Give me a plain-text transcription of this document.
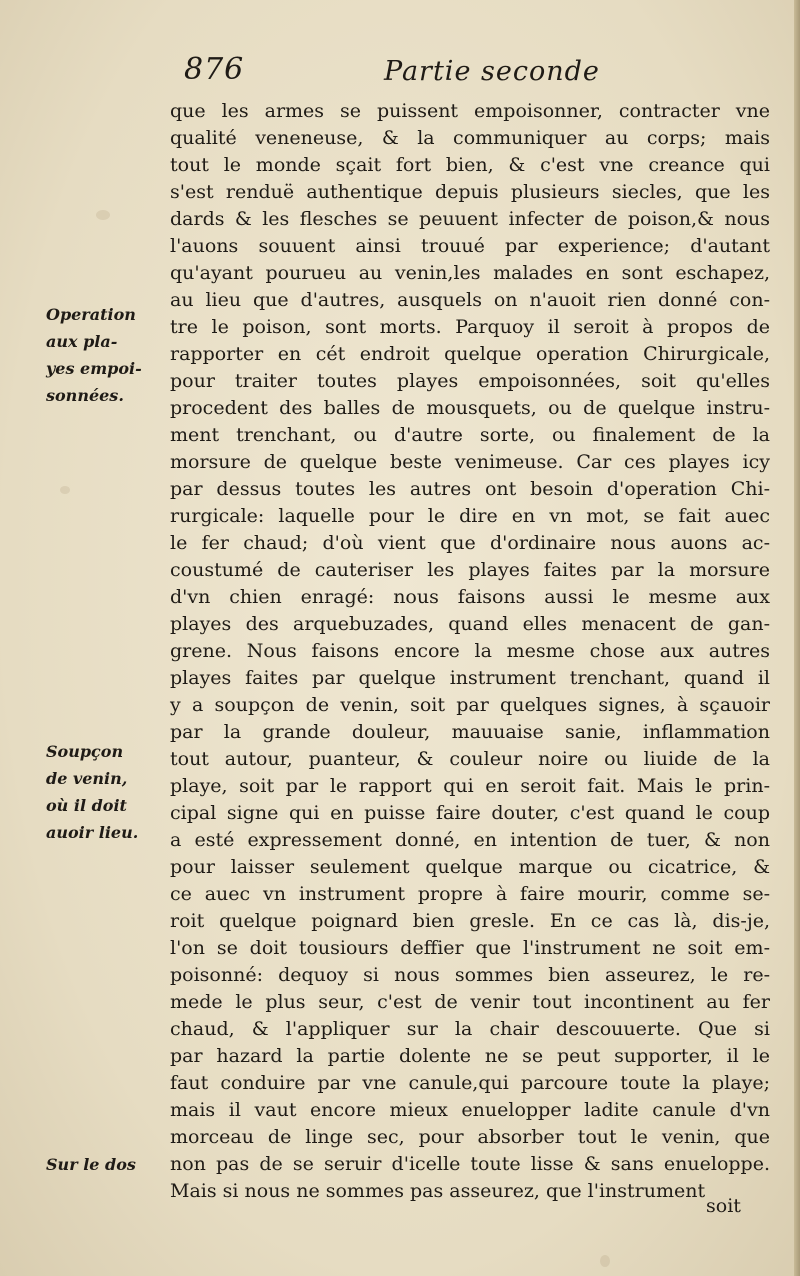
876	Partie seconde
que les armes se puissent empoisonner, contracter vne
qualité veneneuse, & la communiquer au corps; mais
tout le monde sçait fort bien, & c'est vne creance qui
s'est renduë authentique depuis plusieurs siecles, que les
dards & les flesches se peuuent infecter de poison,& nous
l'auons souuent ainsi trouué par experience; d'autant
qu'ayant pourueu au venin,les malades en sont eschapez,
au lieu que d'autres, ausquels on n'auoit rien donné con-
tre le poison, sont morts. Parquoy il seroit à propos de
rapporter en cét endroit quelque operation Chirurgicale,
pour traiter toutes playes empoisonnées, soit qu'elles
procedent des balles de mousquets, ou de quelque instru-
ment trenchant, ou d'autre sorte, ou finalement de la
morsure de quelque beste venimeuse. Car ces playes icy
par dessus toutes les autres ont besoin d'operation Chi-
rurgicale: laquelle pour le dire en vn mot, se fait auec
le fer chaud; d'où vient que d'ordinaire nous auons ac-
coustumé de cauteriser les playes faites par la morsure
d'vn chien enragé: nous faisons aussi le mesme aux
playes des arquebuzades, quand elles menacent de gan-
grene. Nous faisons encore la mesme chose aux autres
playes faites par quelque instrument trenchant, quand il
y a soupçon de venin, soit par quelques signes, à sçauoir
par la grande douleur, mauuaise sanie, inflammation
tout autour, puanteur, & couleur noire ou liuide de la
playe, soit par le rapport qui en seroit fait. Mais le prin-
cipal signe qui en puisse faire douter, c'est quand le coup
a esté expressement donné, en intention de tuer, & non
pour laisser seulement quelque marque ou cicatrice, &
ce auec vn instrument propre à faire mourir, comme se-
roit quelque poignard bien gresle. En ce cas là, dis-je,
l'on se doit tousiours deffier que l'instrument ne soit em-
poisonné: dequoy si nous sommes bien asseurez, le re-
mede le plus seur, c'est de venir tout incontinent au fer
chaud, & l'appliquer sur la chair descouuerte. Que si
par hazard la partie dolente ne se peut supporter, il le
faut conduire par vne canule,qui parcoure toute la playe;
mais il vaut encore mieux enuelopper ladite canule d'vn
morceau de linge sec, pour absorber tout le venin, que
non pas de se seruir d'icelle toute lisse & sans enueloppe.
Mais si nous ne sommes pas asseurez, que l'instrument
Operation
aux pla-
yes empoi-
sonnées.
Soupçon
de venin,
où il doit
auoir lieu.
Sur le dos
soit
